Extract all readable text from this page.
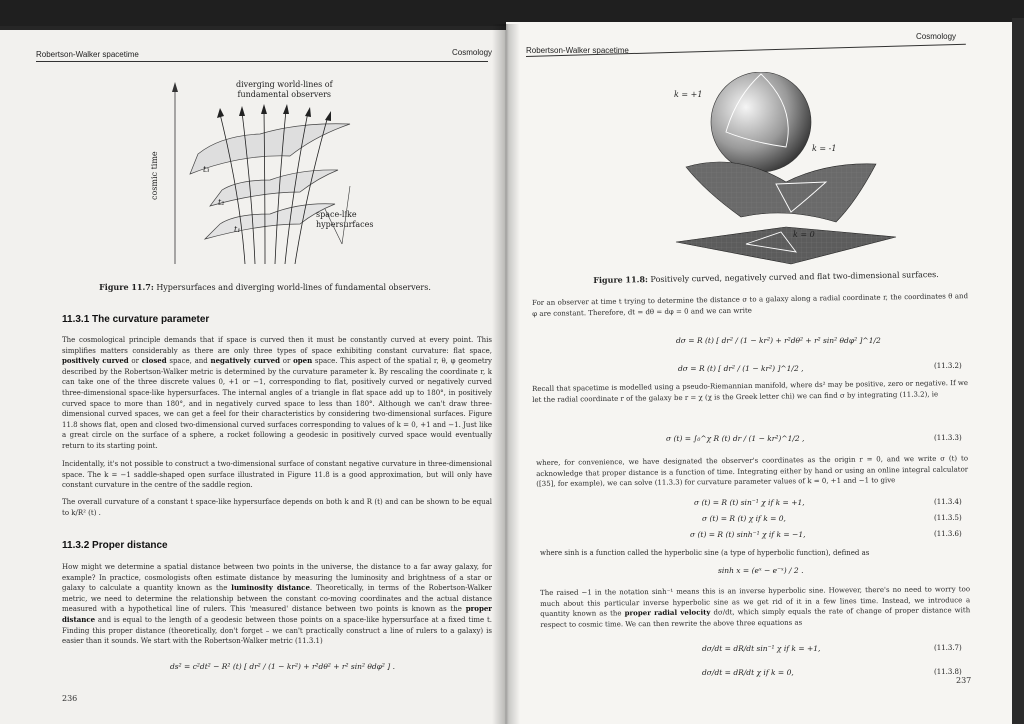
Robertson-Walker spacetime	Cosmology
diverging world-lines of
fundamental observers
cosmic time	t₃
t₂
t₁
space-like
hypersurfaces
Figure 11.7: Hypersurfaces and diverging world-lines of fundamental observers.
11.3.1 The curvature parameter
The cosmological principle demands that if space is curved then it must be constantly curved at every point. This simplifies matters considerably as there are only three types of space exhibiting constant curvature: flat space, positively curved or closed space, and negatively curved or open space. This aspect of the spatial r, θ, φ geometry described by the Robertson-Walker metric is determined by the curvature parameter k. By rescaling the coordinate r, k can take one of the three discrete values 0, +1 or −1, corresponding to flat, positively curved or negatively curved three-dimensional space-like hypersurfaces. The internal angles of a triangle in flat space add up to 180°, in positively curved space to more than 180°, and in negatively curved space to less than 180°. Although we can't draw three-dimensional curved spaces, we can get a feel for their characteristics by considering two-dimensional surfaces. Figure 11.8 shows flat, open and closed two-dimensional curved surfaces corresponding to values of k = 0, +1 and −1. Just like a great circle on the surface of a sphere, a rocket following a geodesic in positively curved space would eventually return to its starting point.
Incidentally, it's not possible to construct a two-dimensional surface of constant negative curvature in three-dimensional space. The k = −1 saddle-shaped open surface illustrated in Figure 11.8 is a good approximation, but will only have constant curvature in the centre of the saddle region.
The overall curvature of a constant t space-like hypersurface depends on both k and R (t) and can be shown to be equal to k/R² (t) .
11.3.2 Proper distance
How might we determine a spatial distance between two points in the universe, the distance to a far away galaxy, for example? In practice, cosmologists often estimate distance by measuring the luminosity and brightness of a star or galaxy to calculate a quantity known as the luminosity distance. Theoretically, in terms of the Robertson-Walker metric, we need to determine the relationship between the constant co-moving coordinates and the actual distance measured with a hypothetical line of rulers. This 'measured' distance between two points is known as the proper distance and is equal to the length of a geodesic between those points on a space-like hypersurface at a fixed time t. Finding this proper distance (theoretically, don't forget – we can't practically construct a line of rulers to a galaxy) is easier than it sounds. We start with the Robertson-Walker metric (11.3.1)
ds² = c²dt² − R² (t) [ dr² / (1 − kr²) + r²dθ² + r² sin² θdφ² ] .
236
Robertson-Walker spacetime
Cosmology
k = +1
k = -1
k = 0
Figure 11.8: Positively curved, negatively curved and flat two-dimensional surfaces.
For an observer at time t trying to determine the distance σ to a galaxy along a radial coordinate r, the coordinates θ and φ are constant. Therefore, dt = dθ = dφ = 0 and we can write
dσ = R (t) [ dr² / (1 − kr²) + r²dθ² + r² sin² θdφ² ]^1/2
dσ = R (t) [ dr² / (1 − kr²) ]^1/2 ,	(11.3.2)
Recall that spacetime is modelled using a pseudo-Riemannian manifold, where ds² may be positive, zero or negative. If we let the radial coordinate r of the galaxy be r = χ (χ is the Greek letter chi) we can find σ by integrating (11.3.2), ie
σ (t) = ∫₀^χ R (t) dr / (1 − kr²)^1/2 ,	(11.3.3)
where, for convenience, we have designated the observer's coordinates as the origin r = 0, and we write σ (t) to acknowledge that proper distance is a function of time. Integrating either by hand or using an online integral calculator ([35], for example), we can solve (11.3.3) for curvature parameter values of k = 0, +1 and −1 to give
σ (t) = R (t) sin⁻¹ χ if k = +1,	(11.3.4)
σ (t) = R (t) χ if k = 0,	(11.3.5)
σ (t) = R (t) sinh⁻¹ χ if k = −1,	(11.3.6)
where sinh is a function called the hyperbolic sine (a type of hyperbolic function), defined as
sinh x = (eˣ − e⁻ˣ) / 2 .
The raised −1 in the notation sinh⁻¹ means this is an inverse hyperbolic sine. However, there's no need to worry too much about this particular inverse hyperbolic sine as we get rid of it in a few lines time. Instead, we introduce a quantity known as the proper radial velocity dσ/dt, which simply equals the rate of change of proper distance with respect to cosmic time. We can then rewrite the above three equations as
dσ/dt = dR/dt sin⁻¹ χ if k = +1,	(11.3.7)
dσ/dt = dR/dt χ if k = 0,	(11.3.8)
237
